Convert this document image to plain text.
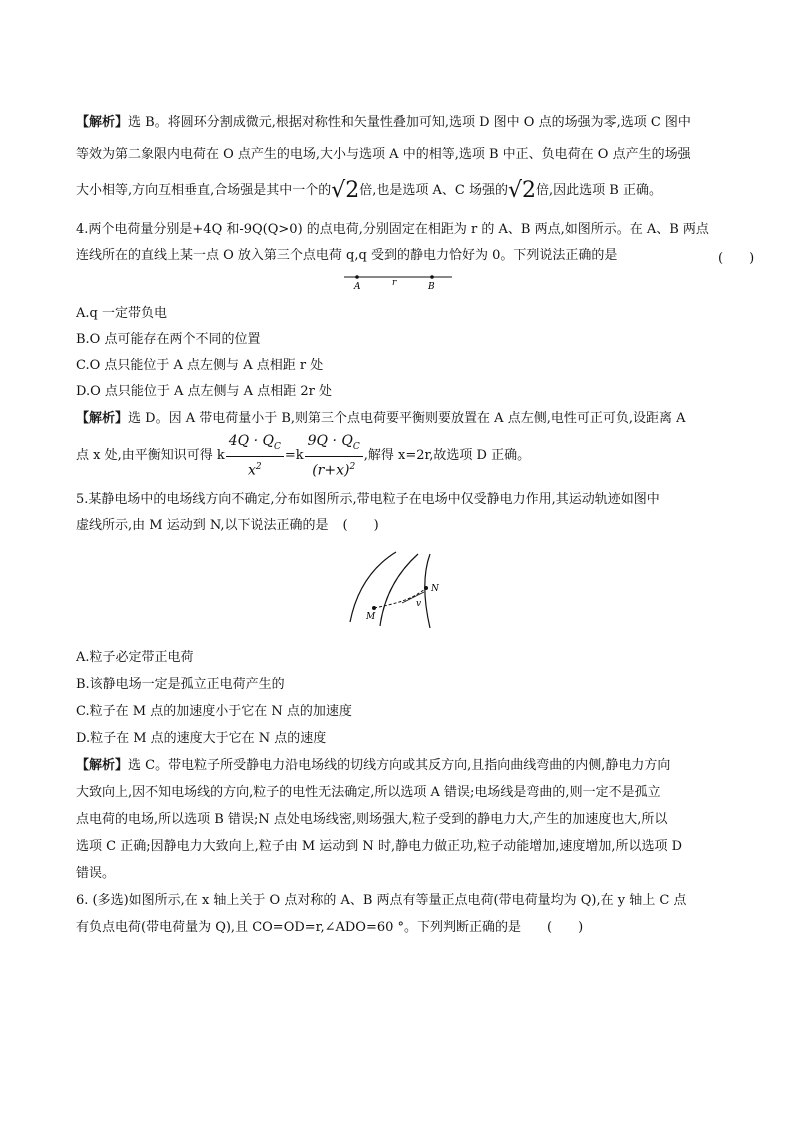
【解析】选 B。将圆环分割成微元,根据对称性和矢量性叠加可知,选项 D 图中 O 点的场强为零,选项 C 图中
等效为第二象限内电荷在 O 点产生的电场,大小与选项 A 中的相等,选项 B 中正、负电荷在 O 点产生的场强
大小相等,方向互相垂直,合场强是其中一个的√2倍,也是选项 A、C 场强的√2倍,因此选项 B 正确。
4.两个电荷量分别是+4Q 和-9Q(Q>0) 的点电荷,分别固定在相距为 r 的 A、B 两点,如图所示。在 A、B 两点
连线所在的直线上某一点 O 放入第三个点电荷 q,q 受到的静电力恰好为 0。下列说法正确的是	(　　)
A	r	B
A.q 一定带负电
B.O 点可能存在两个不同的位置
C.O 点只能位于 A 点左侧与 A 点相距 r 处
D.O 点只能位于 A 点左侧与 A 点相距 2r 处
【解析】选 D。因 A 带电荷量小于 B,则第三个点电荷要平衡则要放置在 A 点左侧,电性可正可负,设距离 A
点 x 处,由平衡知识可得 k $\frac{4Q \cdot Q_C}{x^2} =k \frac{9Q \cdot Q_C}{(r+x)^2}$ ,解得 x=2r,故选项 D 正确。
5.某静电场中的电场线方向不确定,分布如图所示,带电粒子在电场中仅受静电力作用,其运动轨迹如图中
虚线所示,由 M 运动到 N,以下说法正确的是 (　　)
M
N
v
A.粒子必定带正电荷
B.该静电场一定是孤立正电荷产生的
C.粒子在 M 点的加速度小于它在 N 点的加速度
D.粒子在 M 点的速度大于它在 N 点的速度
【解析】选 C。带电粒子所受静电力沿电场线的切线方向或其反方向,且指向曲线弯曲的内侧,静电力方向
大致向上,因不知电场线的方向,粒子的电性无法确定,所以选项 A 错误;电场线是弯曲的,则一定不是孤立
点电荷的电场,所以选项 B 错误;N 点处电场线密,则场强大,粒子受到的静电力大,产生的加速度也大,所以
选项 C 正确;因静电力大致向上,粒子由 M 运动到 N 时,静电力做正功,粒子动能增加,速度增加,所以选项 D
错误。
6. (多选)如图所示,在 x 轴上关于 O 点对称的 A、B 两点有等量正点电荷(带电荷量均为 Q),在 y 轴上 C 点
有负点电荷(带电荷量为 Q),且 CO=OD=r,∠ADO=60 °。下列判断正确的是 (　　)
